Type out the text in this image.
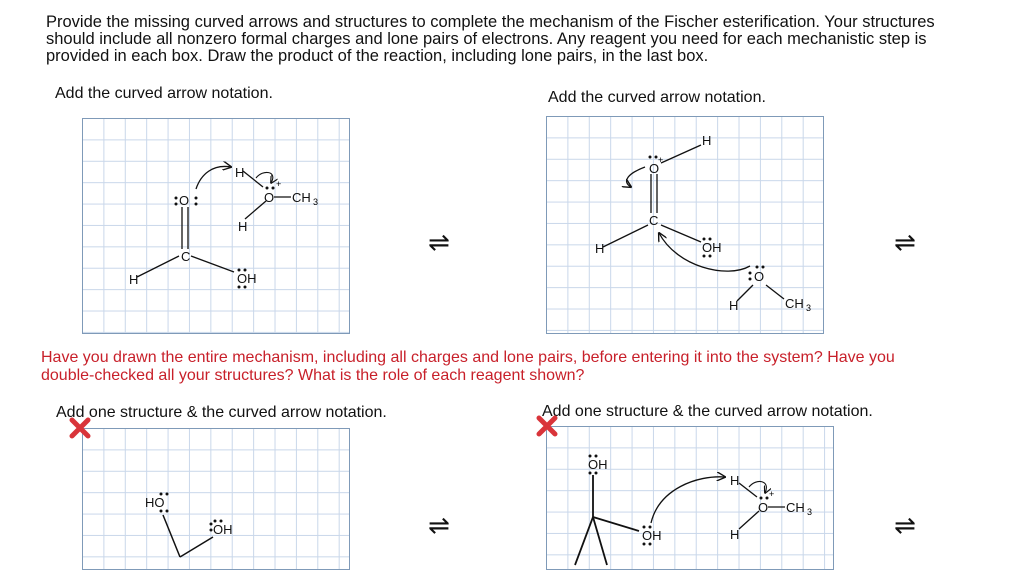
Provide the missing curved arrows and structures to complete the mechanism of the Fischer esterification. Your structures should include all nonzero formal charges and lone pairs of electrons. Any reagent you need for each mechanistic step is provided in each box. Draw the product of the reaction, including lone pairs, in the last box.
Add the curved arrow notation.	Add the curved arrow notation.
C
O
H	OH
H
O
+
CH 3
H
⇌	⇌
H
O
+
C
H	OH
O
H	CH 3
Have you drawn the entire mechanism, including all charges and lone pairs, before entering it into the system? Have you double-checked all your structures? What is the role of each reagent shown?
Add one structure & the curved arrow notation.	Add one structure & the curved arrow notation.
HO
OH	⇌	⇌
OH
OH
H
O
+
CH 3
H
